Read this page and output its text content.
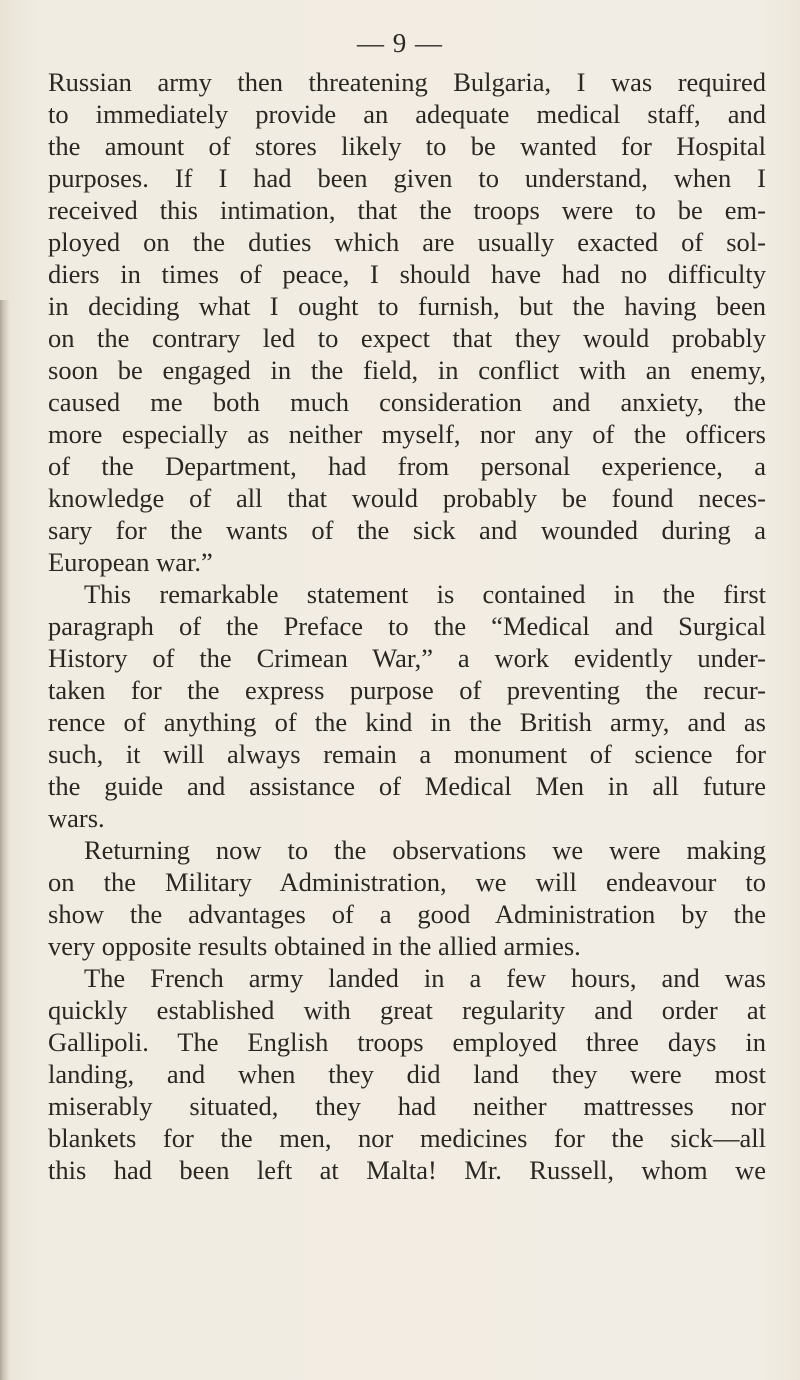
— 9 —
Russian army then threatening Bulgaria, I was required
to immediately provide an adequate medical staff, and
the amount of stores likely to be wanted for Hospital
purposes. If I had been given to understand, when I
received this intimation, that the troops were to be em-
ployed on the duties which are usually exacted of sol-
diers in times of peace, I should have had no difficulty
in deciding what I ought to furnish, but the having been
on the contrary led to expect that they would probably
soon be engaged in the field, in conflict with an enemy,
caused me both much consideration and anxiety, the
more especially as neither myself, nor any of the officers
of the Department, had from personal experience, a
knowledge of all that would probably be found neces-
sary for the wants of the sick and wounded during a
European war.”
This remarkable statement is contained in the first
paragraph of the Preface to the “Medical and Surgical
History of the Crimean War,” a work evidently under-
taken for the express purpose of preventing the recur-
rence of anything of the kind in the British army, and as
such, it will always remain a monument of science for
the guide and assistance of Medical Men in all future
wars.
Returning now to the observations we were making
on the Military Administration, we will endeavour to
show the advantages of a good Administration by the
very opposite results obtained in the allied armies.
The French army landed in a few hours, and was
quickly established with great regularity and order at
Gallipoli. The English troops employed three days in
landing, and when they did land they were most
miserably situated, they had neither mattresses nor
blankets for the men, nor medicines for the sick—all
this had been left at Malta! Mr. Russell, whom we
